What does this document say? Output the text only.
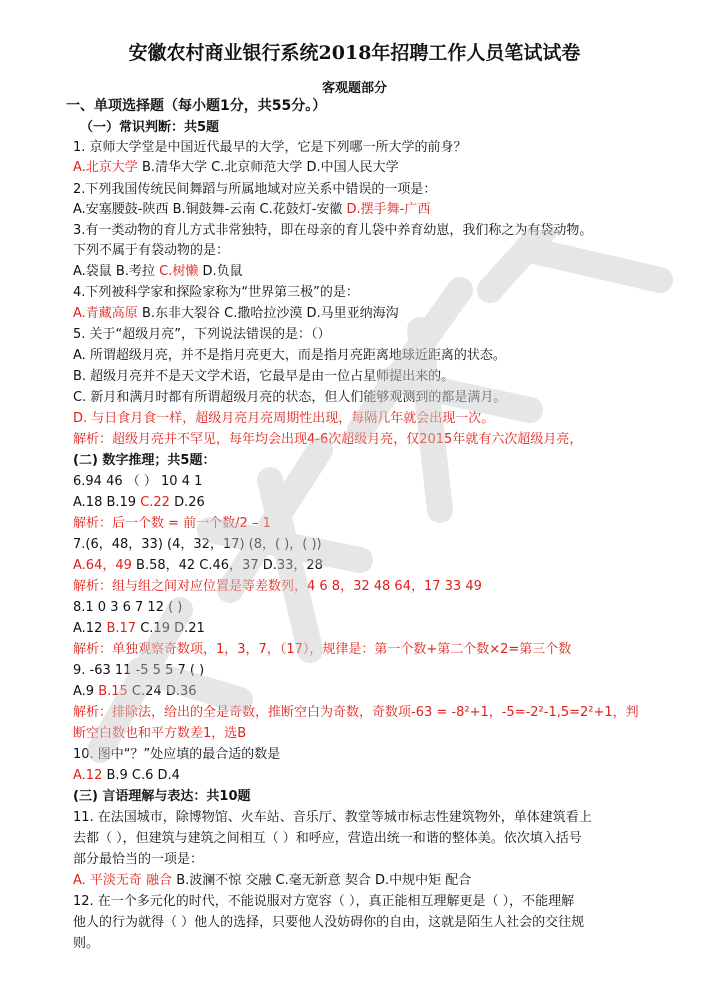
安徽农村商业银行系统2018年招聘工作人员笔试试卷
客观题部分
一、单项选择题（每小题1分，共55分。）
（一）常识判断：共5题
1. 京师大学堂是中国近代最早的大学，它是下列哪一所大学的前身？
A.北京大学 B.清华大学 C.北京师范大学 D.中国人民大学
2.下列我国传统民间舞蹈与所属地域对应关系中错误的一项是：
A.安塞腰鼓-陕西 B.铜鼓舞-云南 C.花鼓灯-安徽 D.摆手舞-广西
3.有一类动物的育儿方式非常独特，即在母亲的育儿袋中养育幼崽，我们称之为有袋动物。
下列不属于有袋动物的是：
A.袋鼠 B.考拉 C.树懒 D.负鼠
4.下列被科学家和探险家称为“世界第三极”的是：
A.青藏高原 B.东非大裂谷 C.撒哈拉沙漠 D.马里亚纳海沟
5. 关于“超级月亮”，下列说法错误的是：（）
A. 所谓超级月亮，并不是指月亮更大，而是指月亮距离地球近距离的状态。
B. 超级月亮并不是天文学术语，它最早是由一位占星师提出来的。
C. 新月和满月时都有所谓超级月亮的状态，但人们能够观测到的都是满月。
D. 与日食月食一样，超级月亮月亮周期性出现，每隔几年就会出现一次。
解析：超级月亮并不罕见，每年均会出现4-6次超级月亮，仅2015年就有六次超级月亮，
(二) 数字推理；共5题：
6.94 46 （ ） 10 4 1
A.18 B.19 C.22 D.26
解析：后一个数 = 前一个数/2 – 1
7.(6，48，33) (4，32，17) (8，( )，( ))
A.64，49 B.58，42 C.46，37 D.33，28
解析：组与组之间对应位置是等差数列，4 6 8，32 48 64，17 33 49
8.1 0 3 6 7 12 ( )
A.12 B.17 C.19 D.21
解析：单独观察奇数项，1，3，7，（17），规律是：第一个数+第二个数×2=第三个数
9. -63 11 -5 5 5 7 ( )
A.9 B.15 C.24 D.36
解析：排除法，给出的全是奇数，推断空白为奇数，奇数项-63 = -8²+1，-5=-2²-1,5=2²+1，判
断空白数也和平方数差1，选B
10. 图中“？”处应填的最合适的数是
A.12 B.9 C.6 D.4
(三) 言语理解与表达：共10题
11. 在法国城市，除博物馆、火车站、音乐厅、教堂等城市标志性建筑物外，单体建筑看上
去都（ ），但建筑与建筑之间相互（ ）和呼应，营造出统一和谐的整体美。依次填入括号
部分最恰当的一项是：
A. 平淡无奇 融合 B.波澜不惊 交融 C.毫无新意 契合 D.中规中矩 配合
12. 在一个多元化的时代，不能说服对方宽容（ ），真正能相互理解更是（ ），不能理解
他人的行为就得（ ）他人的选择，只要他人没妨碍你的自由，这就是陌生人社会的交往规
则。
